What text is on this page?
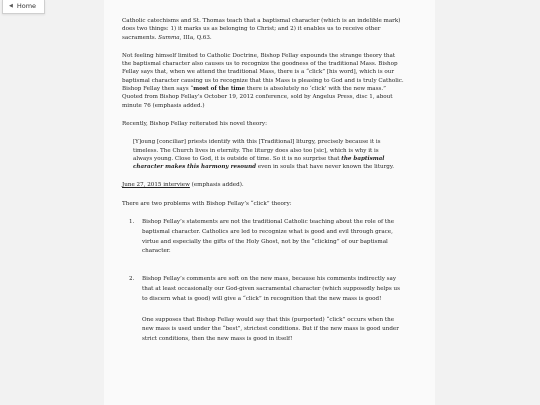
◀ Home

Catholic catechisms and St. Thomas teach that a baptismal character (which is an indelible mark) does two things: 1) it marks us as belonging to Christ; and 2) it enables us to receive other sacraments. Summa, IIIa, Q.63.

Not feeling himself limited to Catholic Doctrine, Bishop Fellay expounds the strange theory that the baptismal character also causes us to recognize the goodness of the traditional Mass. Bishop Fellay says that, when we attend the traditional Mass, there is a “click” [his word], which is our baptismal character causing us to recognize that this Mass is pleasing to God and is truly Catholic. Bishop Fellay then says “most of the time there is absolutely no ‘click’ with the new mass.” Quoted from Bishop Fellay’s October 19, 2012 conference, sold by Angelus Press, disc 1, about minute 76 (emphasis added.)

Recently, Bishop Fellay reiterated his novel theory:

[Y]oung [conciliar] priests identify with this [Traditional] liturgy, precisely because it is timeless. The Church lives in eternity. The liturgy does also too [sic], which is why it is always young. Close to God, it is outside of time. So it is no surprise that the baptismal character makes this harmony resound even in souls that have never known the liturgy.

June 27, 2015 interview (emphasis added).

There are two problems with Bishop Fellay’s “click” theory:

1. Bishop Fellay’s statements are not the traditional Catholic teaching about the role of the baptismal character. Catholics are led to recognize what is good and evil through grace, virtue and especially the gifts of the Holy Ghost, not by the “clicking” of our baptismal character.

2. Bishop Fellay’s comments are soft on the new mass, because his comments indirectly say that at least occasionally our God-given sacramental character (which supposedly helps us to discern what is good) will give a “click” in recognition that the new mass is good!

One supposes that Bishop Fellay would say that this (purported) “click” occurs when the new mass is used under the “best”, strictest conditions. But if the new mass is good under strict conditions, then the new mass is good in itself!
